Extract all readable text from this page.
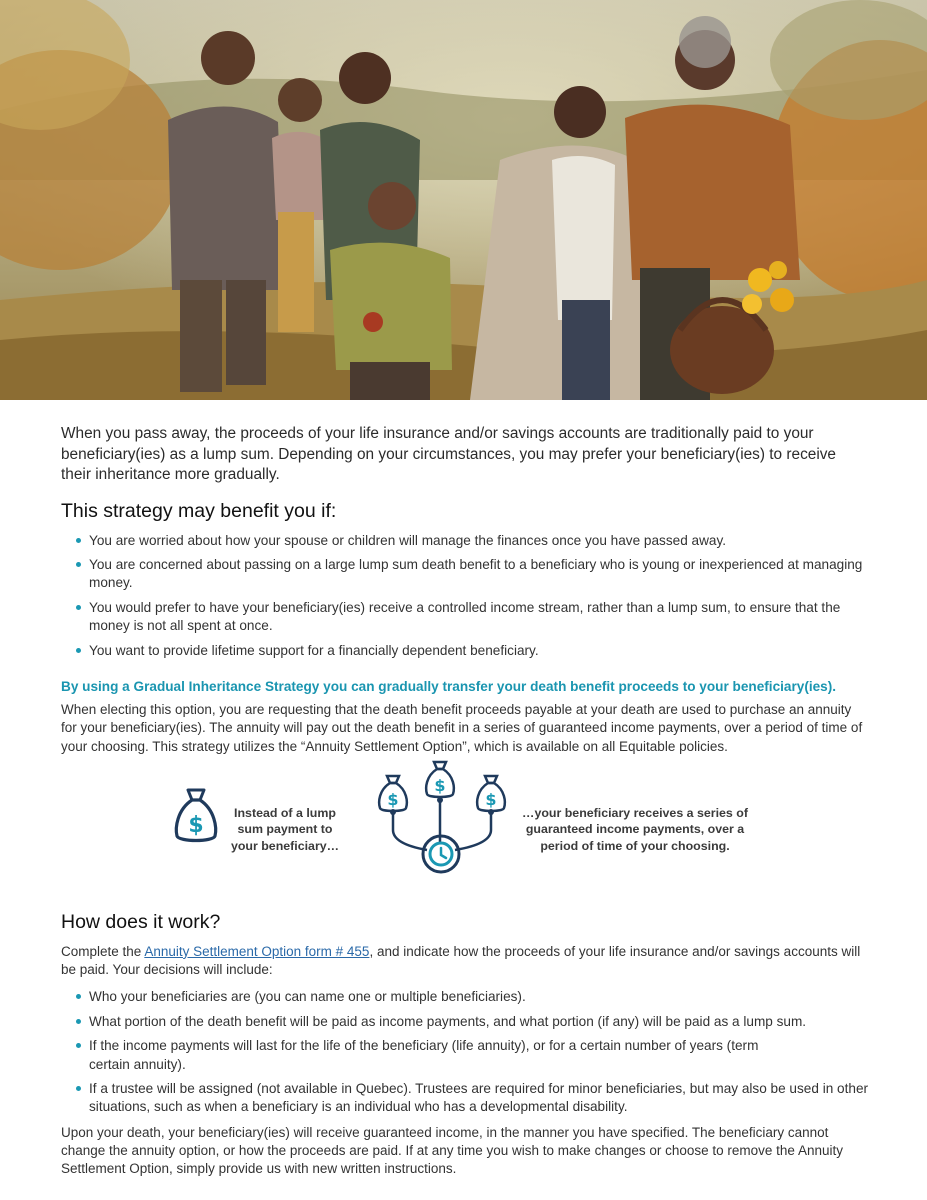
When you pass away, the proceeds of your life insurance and/or savings accounts are traditionally paid to your beneficiary(ies) as a lump sum. Depending on your circumstances, you may prefer your beneficiary(ies) to receive their inheritance more gradually.

This strategy may benefit you if:
You are worried about how your spouse or children will manage the finances once you have passed away.
You are concerned about passing on a large lump sum death benefit to a beneficiary who is young or inexperienced at managing money.
You would prefer to have your beneficiary(ies) receive a controlled income stream, rather than a lump sum, to ensure that the money is not all spent at once.
You want to provide lifetime support for a financially dependent beneficiary.
By using a Gradual Inheritance Strategy you can gradually transfer your death benefit proceeds to your beneficiary(ies).

When electing this option, you are requesting that the death benefit proceeds payable at your death are used to purchase an annuity for your beneficiary(ies). The annuity will pay out the death benefit in a series of guaranteed income payments, over a period of time of your choosing. This strategy utilizes the “Annuity Settlement Option”, which is available on all Equitable policies.

$	Instead of a lump sum payment to your beneficiary…
$
$
$
…your beneficiary receives a series of guaranteed income payments, over a period of time of your choosing.
How does it work?

Complete the Annuity Settlement Option form # 455, and indicate how the proceeds of your life insurance and/or savings accounts will be paid. Your decisions will include:

Who your beneficiaries are (you can name one or multiple beneficiaries).
What portion of the death benefit will be paid as income payments, and what portion (if any) will be paid as a lump sum.
If the income payments will last for the life of the beneficiary (life annuity), or for a certain number of years (term certain annuity).
If a trustee will be assigned (not available in Quebec). Trustees are required for minor beneficiaries, but may also be used in other situations, such as when a beneficiary is an individual who has a developmental disability.

Upon your death, your beneficiary(ies) will receive guaranteed income, in the manner you have specified. The beneficiary cannot change the annuity option, or how the proceeds are paid. If at any time you wish to make changes or choose to remove the Annuity Settlement Option, simply provide us with new written instructions.
